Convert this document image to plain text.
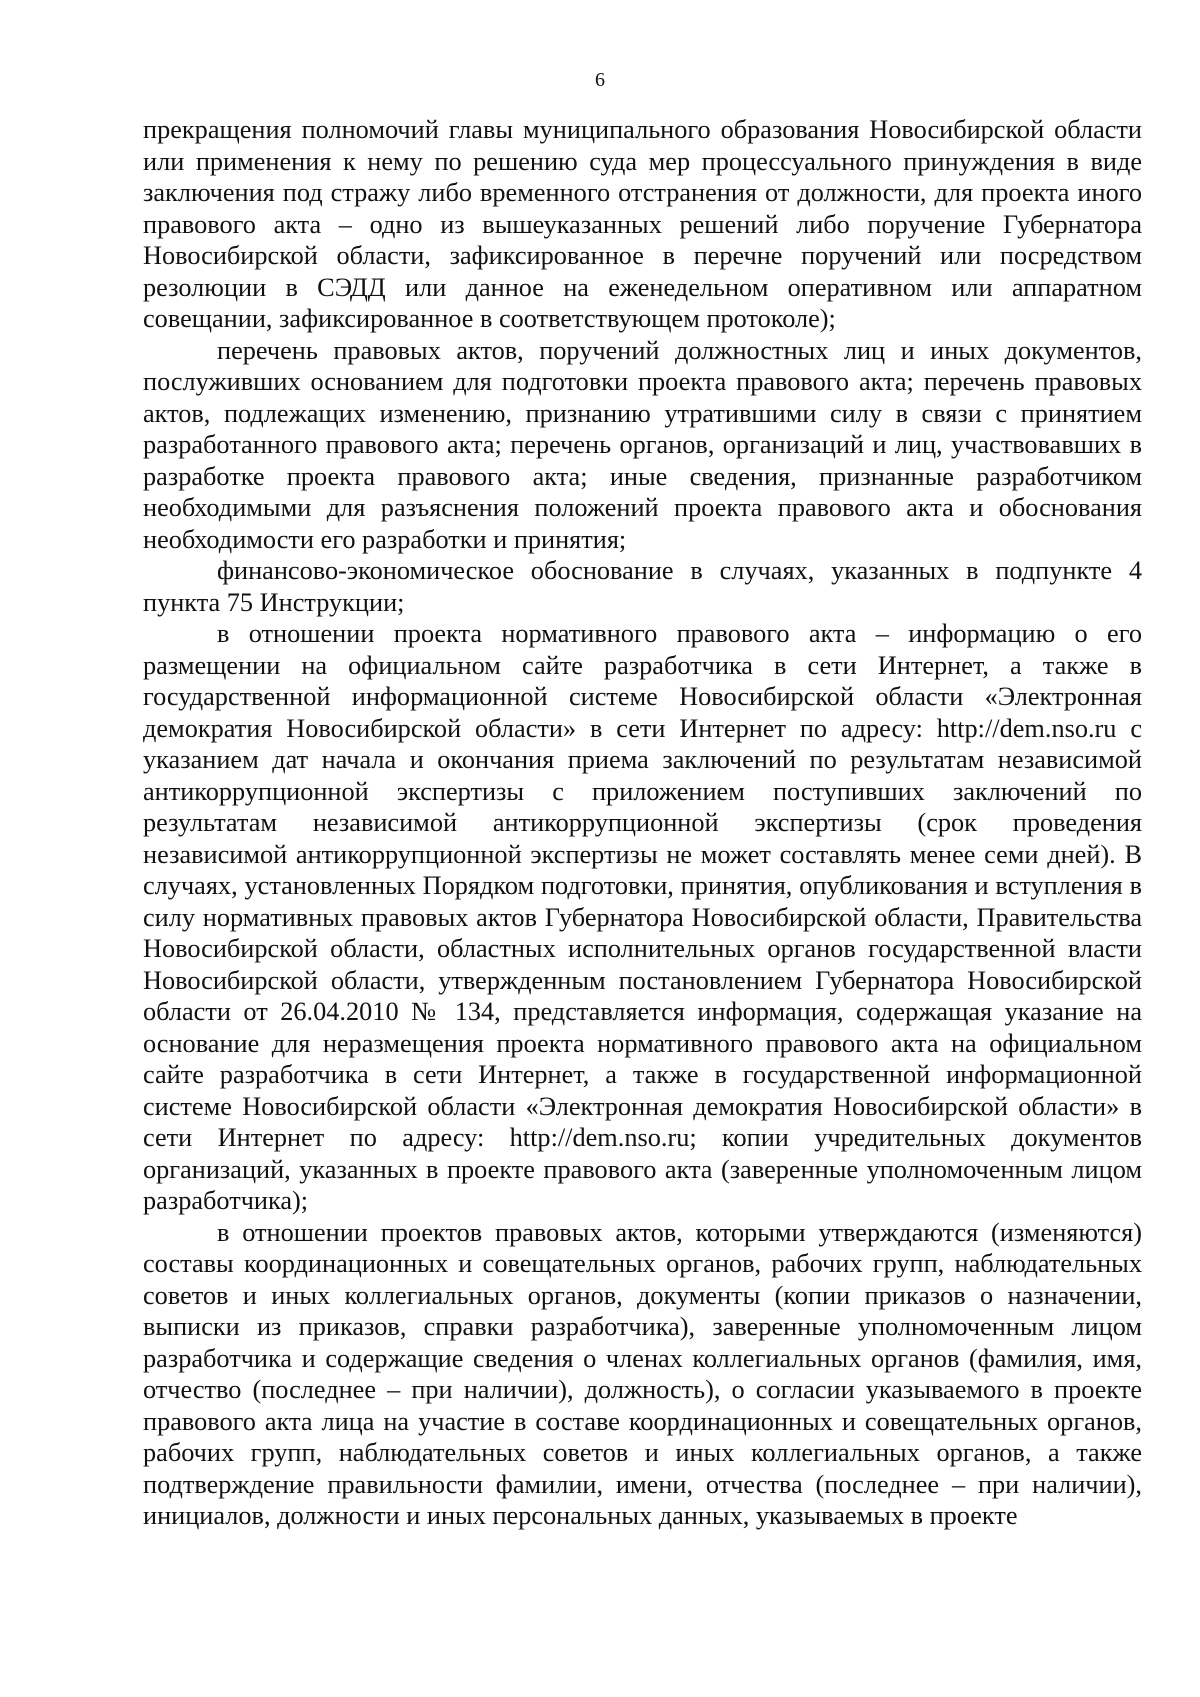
6

прекращения полномочий главы муниципального образования Новосибирской области или применения к нему по решению суда мер процессуального принуждения в виде заключения под стражу либо временного отстранения от должности, для проекта иного правового акта – одно из вышеуказанных решений либо поручение Губернатора Новосибирской области, зафиксированное в перечне поручений или посредством резолюции в СЭДД или данное на еженедельном оперативном или аппаратном совещании, зафиксированное в соответствующем протоколе);

перечень правовых актов, поручений должностных лиц и иных документов, послуживших основанием для подготовки проекта правового акта; перечень правовых актов, подлежащих изменению, признанию утратившими силу в связи с принятием разработанного правового акта; перечень органов, организаций и лиц, участвовавших в разработке проекта правового акта; иные сведения, признанные разработчиком необходимыми для разъяснения положений проекта правового акта и обоснования необходимости его разработки и принятия;

финансово-экономическое обоснование в случаях, указанных в подпункте 4 пункта 75 Инструкции;

в отношении проекта нормативного правового акта – информацию о его размещении на официальном сайте разработчика в сети Интернет, а также в государственной информационной системе Новосибирской области «Электронная демократия Новосибирской области» в сети Интернет по адресу: http://dem.nso.ru с указанием дат начала и окончания приема заключений по результатам независимой антикоррупционной экспертизы с приложением поступивших заключений по результатам независимой антикоррупционной экспертизы (срок проведения независимой антикоррупционной экспертизы не может составлять менее семи дней). В случаях, установленных Порядком подготовки, принятия, опубликования и вступления в силу нормативных правовых актов Губернатора Новосибирской области, Правительства Новосибирской области, областных исполнительных органов государственной власти Новосибирской области, утвержденным постановлением Губернатора Новосибирской области от 26.04.2010 № 134, представляется информация, содержащая указание на основание для неразмещения проекта нормативного правового акта на официальном сайте разработчика в сети Интернет, а также в государственной информационной системе Новосибирской области «Электронная демократия Новосибирской области» в сети Интернет по адресу: http://dem.nso.ru; копии учредительных документов организаций, указанных в проекте правового акта (заверенные уполномоченным лицом разработчика);

в отношении проектов правовых актов, которыми утверждаются (изменяются) составы координационных и совещательных органов, рабочих групп, наблюдательных советов и иных коллегиальных органов, документы (копии приказов о назначении, выписки из приказов, справки разработчика), заверенные уполномоченным лицом разработчика и содержащие сведения о членах коллегиальных органов (фамилия, имя, отчество (последнее – при наличии), должность), о согласии указываемого в проекте правового акта лица на участие в составе координационных и совещательных органов, рабочих групп, наблюдательных советов и иных коллегиальных органов, а также подтверждение правильности фамилии, имени, отчества (последнее – при наличии), инициалов, должности и иных персональных данных, указываемых в проекте
